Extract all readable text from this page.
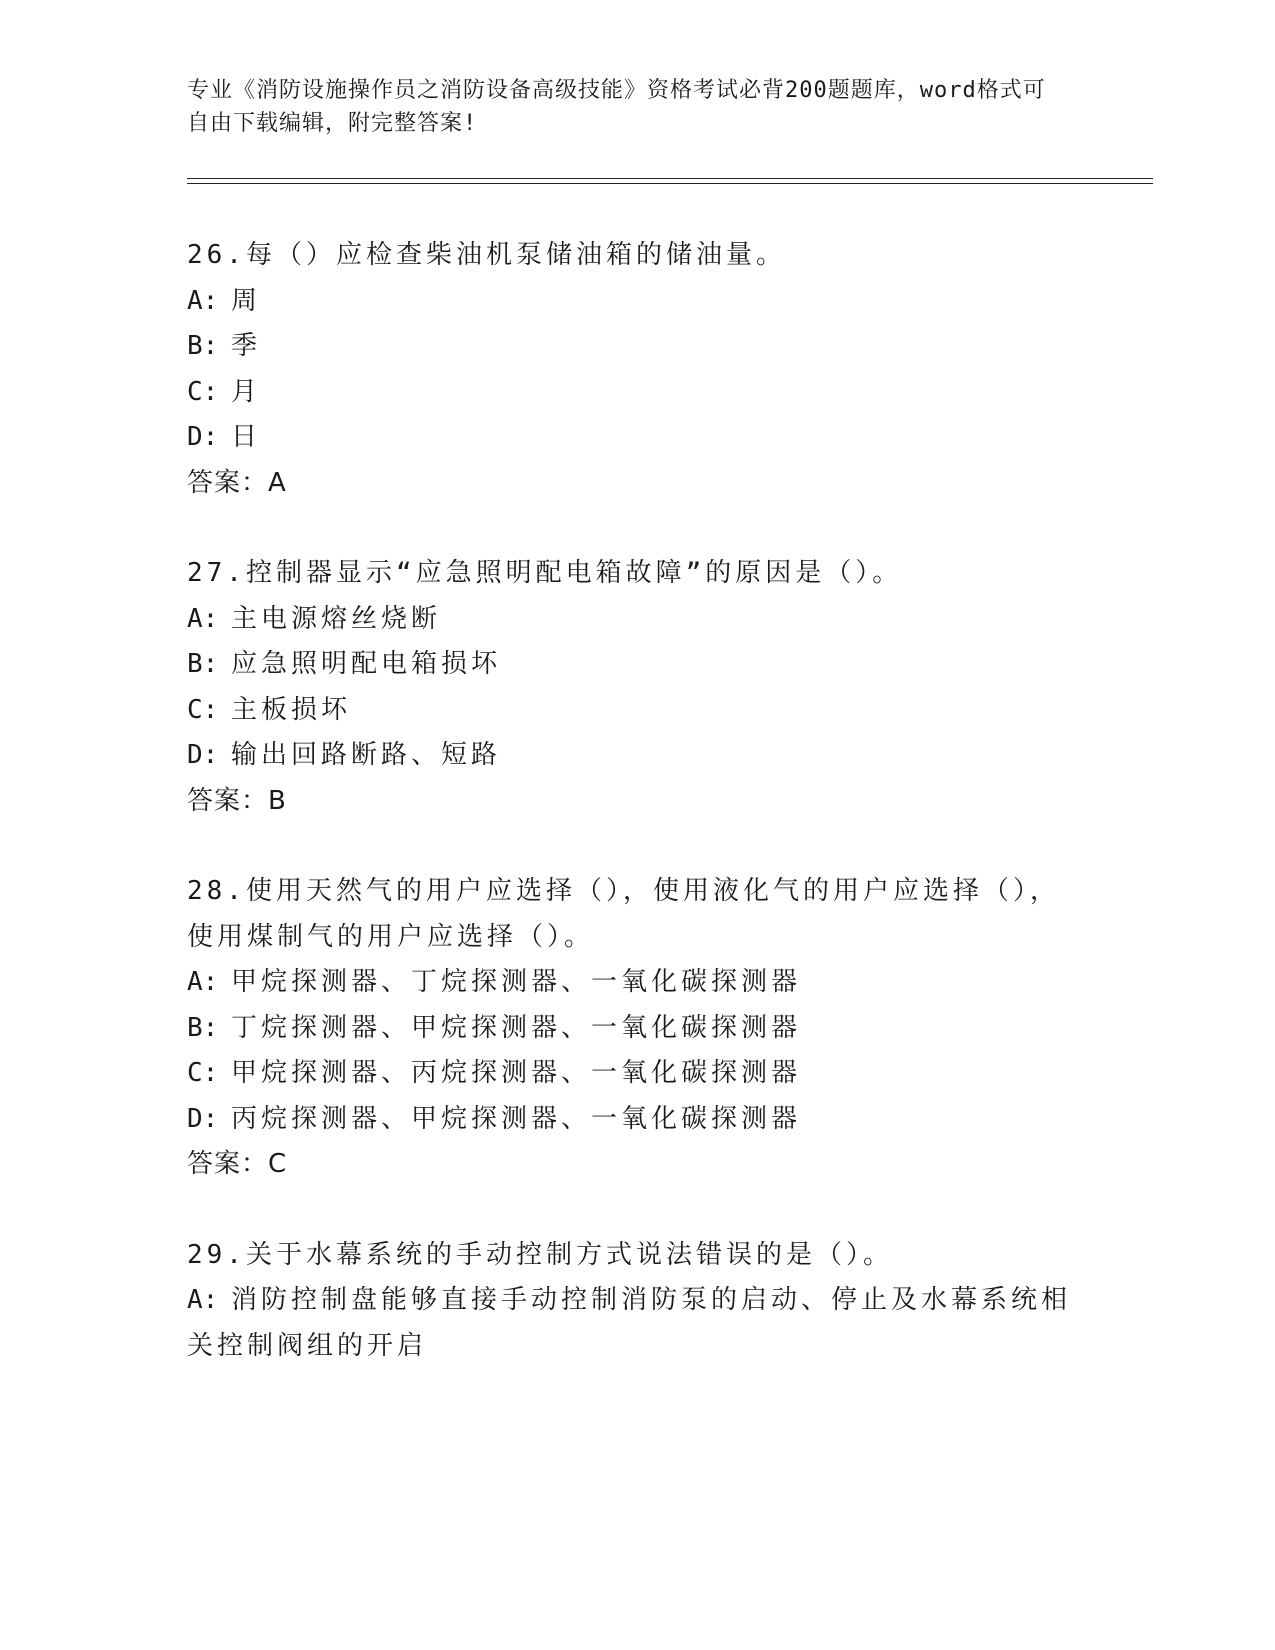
专业《消防设施操作员之消防设备高级技能》资格考试必背200题题库，word格式可自由下载编辑，附完整答案!
26.每（）应检查柴油机泵储油箱的储油量。
A: 周
B: 季
C: 月
D: 日
答案：A
27.控制器显示“应急照明配电箱故障”的原因是（）。
A: 主电源熔丝烧断
B: 应急照明配电箱损坏
C: 主板损坏
D: 输出回路断路、短路
答案：B
28.使用天然气的用户应选择（），使用液化气的用户应选择（），使用煤制气的用户应选择（）。
A: 甲烷探测器、丁烷探测器、一氧化碳探测器
B: 丁烷探测器、甲烷探测器、一氧化碳探测器
C: 甲烷探测器、丙烷探测器、一氧化碳探测器
D: 丙烷探测器、甲烷探测器、一氧化碳探测器
答案：C
29.关于水幕系统的手动控制方式说法错误的是（）。
A: 消防控制盘能够直接手动控制消防泵的启动、停止及水幕系统相关控制阀组的开启
